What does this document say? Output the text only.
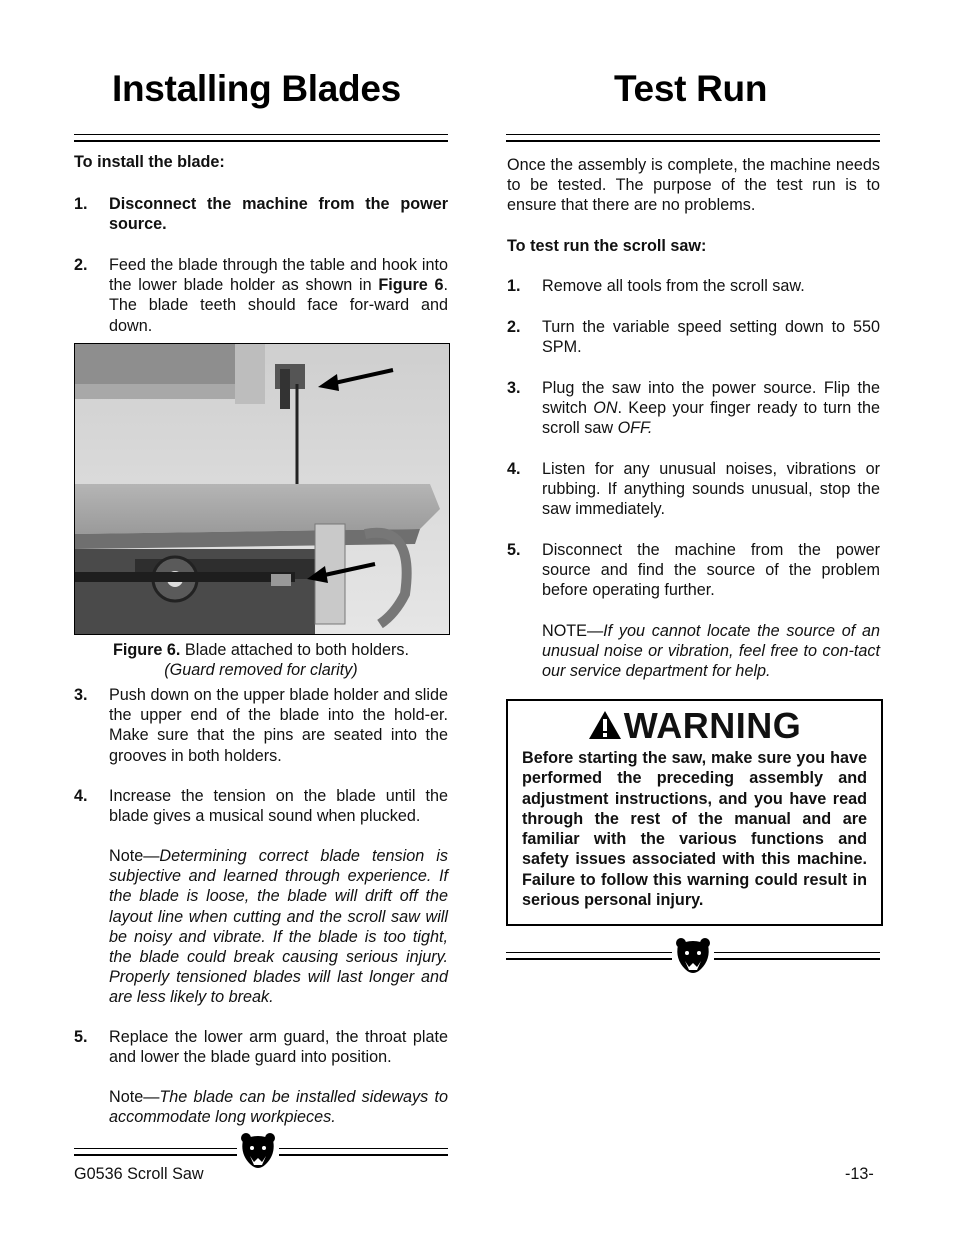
Installing Blades
To install the blade:
1.	Disconnect the machine from the power source.
2.	Feed the blade through the table and hook into the lower blade holder as shown in Figure 6. The blade teeth should face for-ward and down.
Figure 6. Blade attached to both holders.
(Guard removed for clarity)
3.	Push down on the upper blade holder and slide the upper end of the blade into the hold-er. Make sure that the pins are seated into the grooves in both holders.
4.	Increase the tension on the blade until the blade gives a musical sound when plucked.
Note—Determining correct blade tension is subjective and learned through experience. If the blade is loose, the blade will drift off the layout line when cutting and the scroll saw will be noisy and vibrate. If the blade is too tight, the blade could break causing serious injury. Properly tensioned blades will last longer and are less likely to break.
5.	Replace the lower arm guard, the throat plate and lower the blade guard into position.
Note—The blade can be installed sideways to accommodate long workpieces.
Test Run
Once the assembly is complete, the machine needs to be tested. The purpose of the test run is to ensure that there are no problems.
To test run the scroll saw:
1.	Remove all tools from the scroll saw.
2.	Turn the variable speed setting down to 550 SPM.
3.	Plug the saw into the power source. Flip the switch ON. Keep your finger ready to turn the scroll saw OFF.
4.	Listen for any unusual noises, vibrations or rubbing. If anything sounds unusual, stop the saw immediately.
5.	Disconnect the machine from the power source and find the source of the problem before operating further.
NOTE—If you cannot locate the source of an unusual noise or vibration, feel free to con-tact our service department for help.
WARNING
Before starting the saw, make sure you have performed the preceding assembly and adjustment instructions, and you have read through the rest of the manual and are familiar with the various functions and safety issues associated with this machine. Failure to follow this warning could result in serious personal injury.
G0536 Scroll Saw	-13-
